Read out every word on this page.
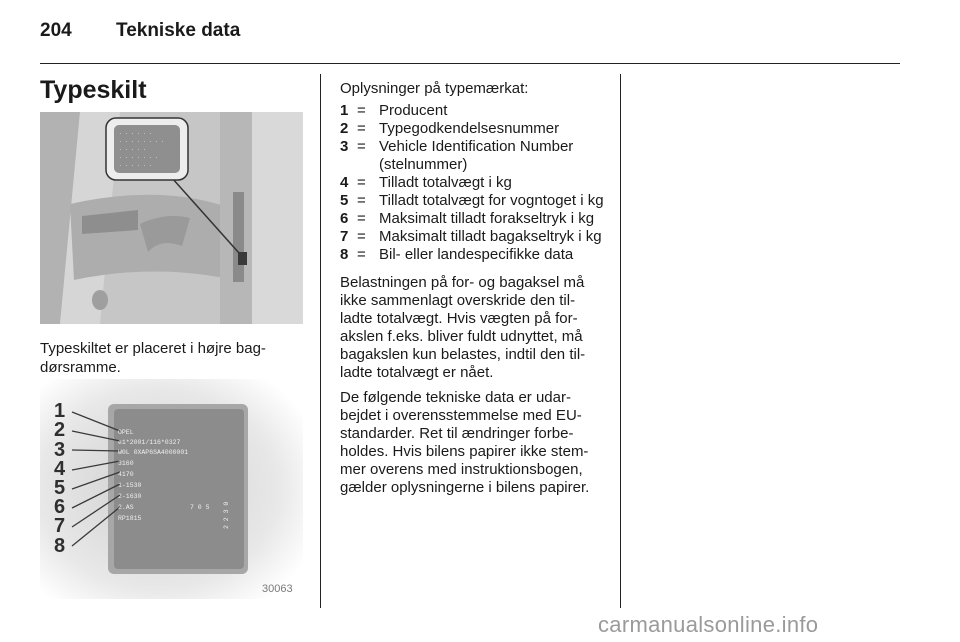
204 Tekniske data
Typeskilt
· · · · · ·
· · · · · · · ·
· · · · ·
· · · · · · ·
· · · · · ·
Typeskiltet er placeret i højre bag-dørsramme.
1
2
3
4
5
6
7
8
OPEL
e1*2001/116*0327
W0L 0XAP6SA4000001
3160
4170
1-1530
2-1630
2.AS
RP1815
7 0 5 2 2 3 0
30063

Oplysninger på typemærkat:

1 = Producent
2 = Typegodkendelsesnummer
3 = Vehicle Identification Number (stelnummer)
4 = Tilladt totalvægt i kg
5 = Tilladt totalvægt for vogntoget i kg
6 = Maksimalt tilladt forakseltryk i kg
7 = Maksimalt tilladt bagakseltryk i kg
8 = Bil- eller landespecifikke data

Belastningen på for- og bagaksel må ikke sammenlagt overskride den til-ladte totalvægt. Hvis vægten på for-akslen f.eks. bliver fuldt udnyttet, må bagakslen kun belastes, indtil den til-ladte totalvægt er nået.

De følgende tekniske data er udar-bejdet i overensstemmelse med EU-standarder. Ret til ændringer forbe-holdes. Hvis bilens papirer ikke stem-mer overens med instruktionsbogen, gælder oplysningerne i bilens papirer.

carmanualsonline.info
